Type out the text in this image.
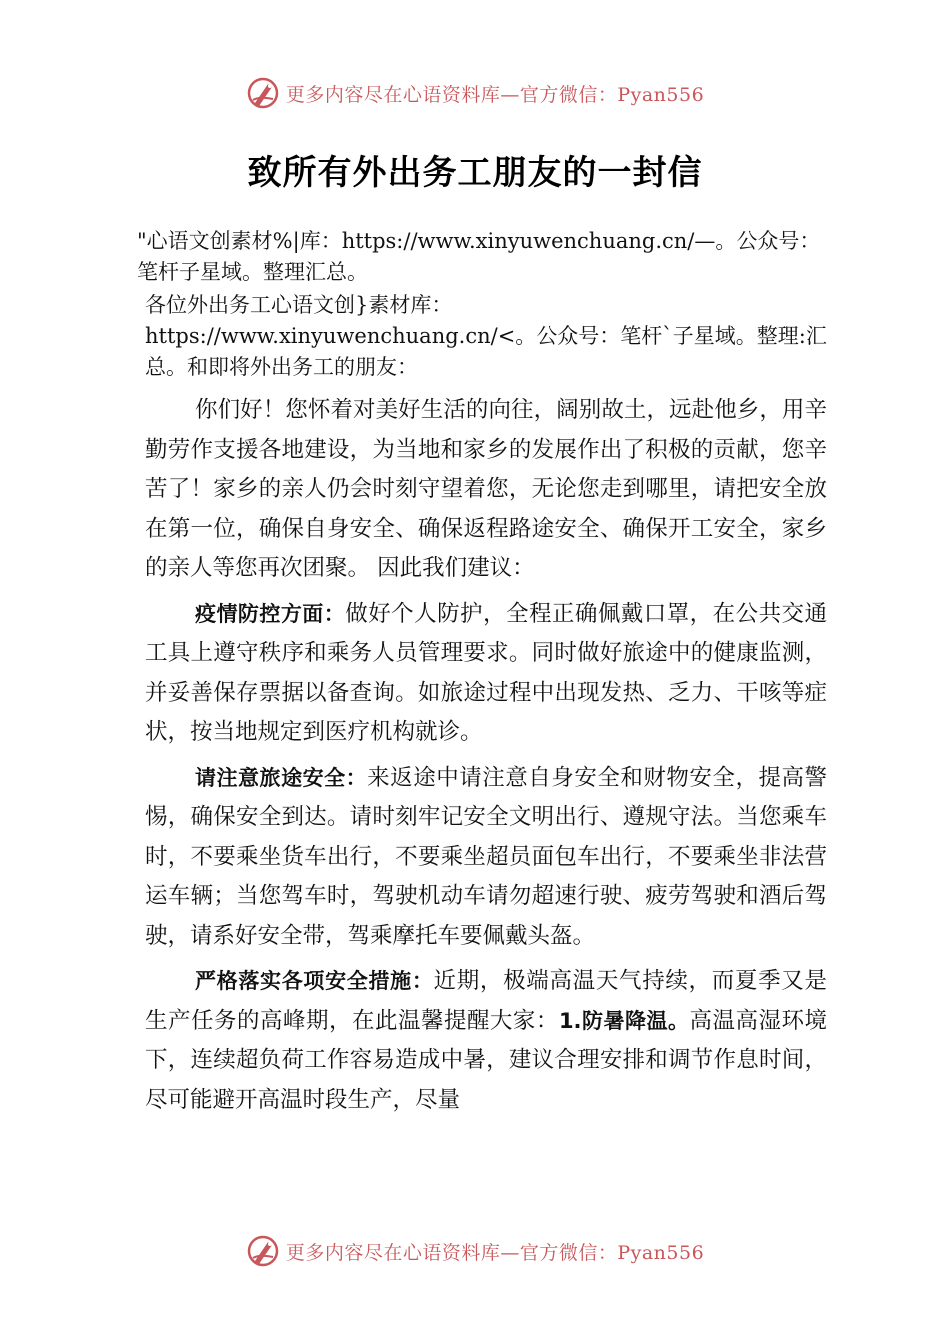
更多内容尽在心语资料库—官方微信：Pyan556
致所有外出务工朋友的一封信

"心语文创素材%|库：https://www.xinyuwenchuang.cn/—。公众号：笔杆子星域。整理汇总。

各位外出务工心语文创}素材库：https://www.xinyuwenchuang.cn/<。公众号：笔杆`子星域。整理:汇总。和即将外出务工的朋友：

你们好！您怀着对美好生活的向往，阔别故土，远赴他乡，用辛勤劳作支援各地建设，为当地和家乡的发展作出了积极的贡献，您辛苦了！家乡的亲人仍会时刻守望着您，无论您走到哪里，请把安全放在第一位，确保自身安全、确保返程路途安全、确保开工安全，家乡的亲人等您再次团聚。 因此我们建议：

疫情防控方面：做好个人防护，全程正确佩戴口罩，在公共交通工具上遵守秩序和乘务人员管理要求。同时做好旅途中的健康监测，并妥善保存票据以备查询。如旅途过程中出现发热、乏力、干咳等症状，按当地规定到医疗机构就诊。

请注意旅途安全：来返途中请注意自身安全和财物安全，提高警惕，确保安全到达。请时刻牢记安全文明出行、遵规守法。当您乘车时，不要乘坐货车出行，不要乘坐超员面包车出行，不要乘坐非法营运车辆；当您驾车时，驾驶机动车请勿超速行驶、疲劳驾驶和酒后驾驶，请系好安全带，驾乘摩托车要佩戴头盔。

严格落实各项安全措施：近期，极端高温天气持续，而夏季又是生产任务的高峰期，在此温馨提醒大家：1.防暑降温。高温高湿环境下，连续超负荷工作容易造成中暑，建议合理安排和调节作息时间，尽可能避开高温时段生产，尽量

更多内容尽在心语资料库—官方微信：Pyan556
